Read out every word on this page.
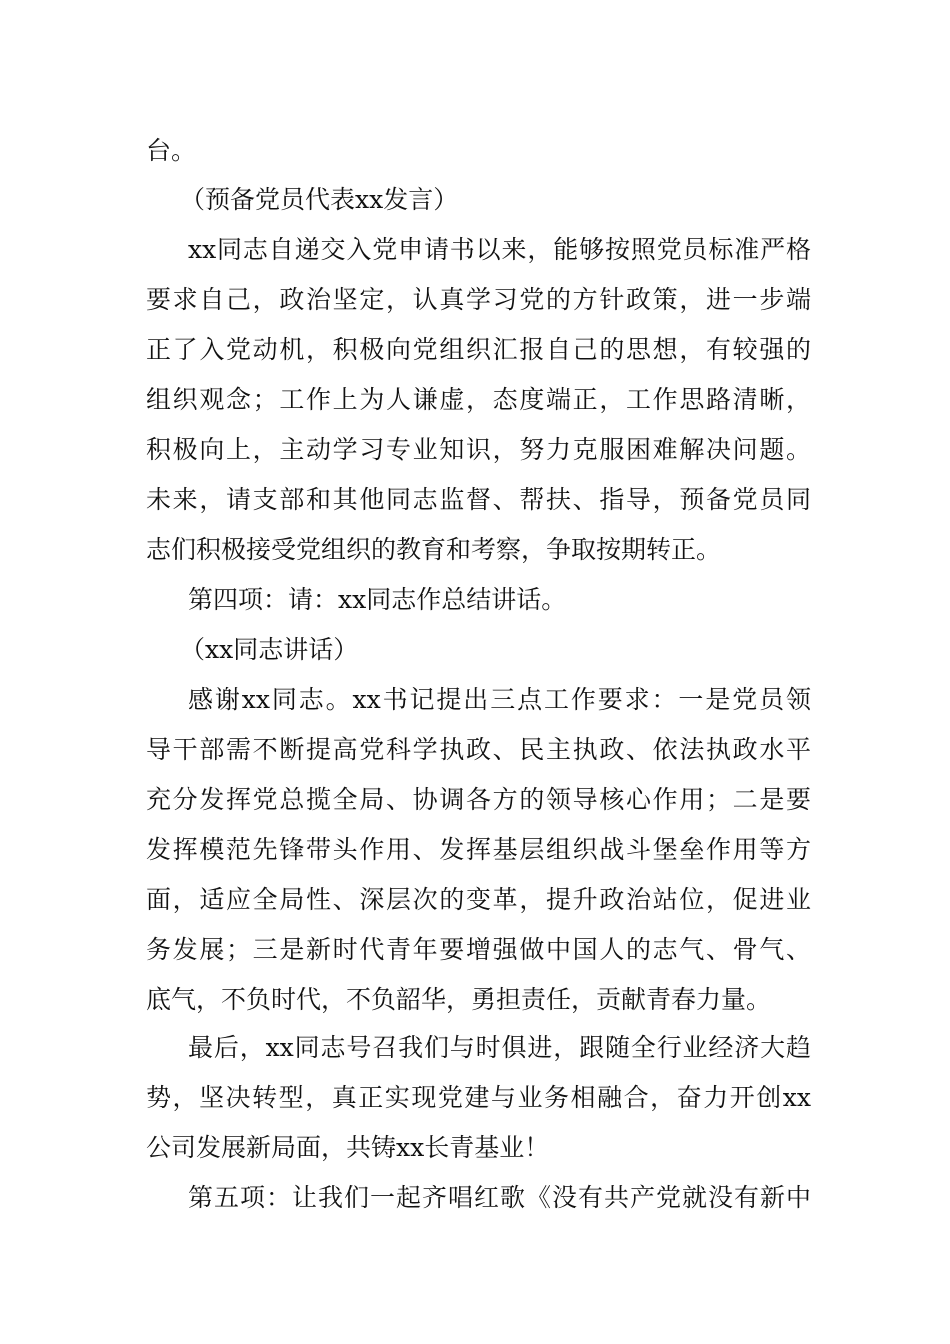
台。

（预备党员代表xx发言）

xx同志自递交入党申请书以来，能够按照党员标准严格

要求自己，政治坚定，认真学习党的方针政策，进一步端

正了入党动机，积极向党组织汇报自己的思想，有较强的

组织观念；工作上为人谦虚，态度端正，工作思路清晰，

积极向上，主动学习专业知识，努力克服困难解决问题。

未来，请支部和其他同志监督、帮扶、指导，预备党员同

志们积极接受党组织的教育和考察，争取按期转正。

第四项：请：xx同志作总结讲话。

（xx同志讲话）

感谢xx同志。xx书记提出三点工作要求：一是党员领

导干部需不断提高党科学执政、民主执政、依法执政水平

充分发挥党总揽全局、协调各方的领导核心作用；二是要

发挥模范先锋带头作用、发挥基层组织战斗堡垒作用等方

面，适应全局性、深层次的变革，提升政治站位，促进业

务发展；三是新时代青年要增强做中国人的志气、骨气、

底气，不负时代，不负韶华，勇担责任，贡献青春力量。

最后，xx同志号召我们与时俱进，跟随全行业经济大趋

势，坚决转型，真正实现党建与业务相融合，奋力开创xx

公司发展新局面，共铸xx长青基业！

第五项：让我们一起齐唱红歌《没有共产党就没有新中
